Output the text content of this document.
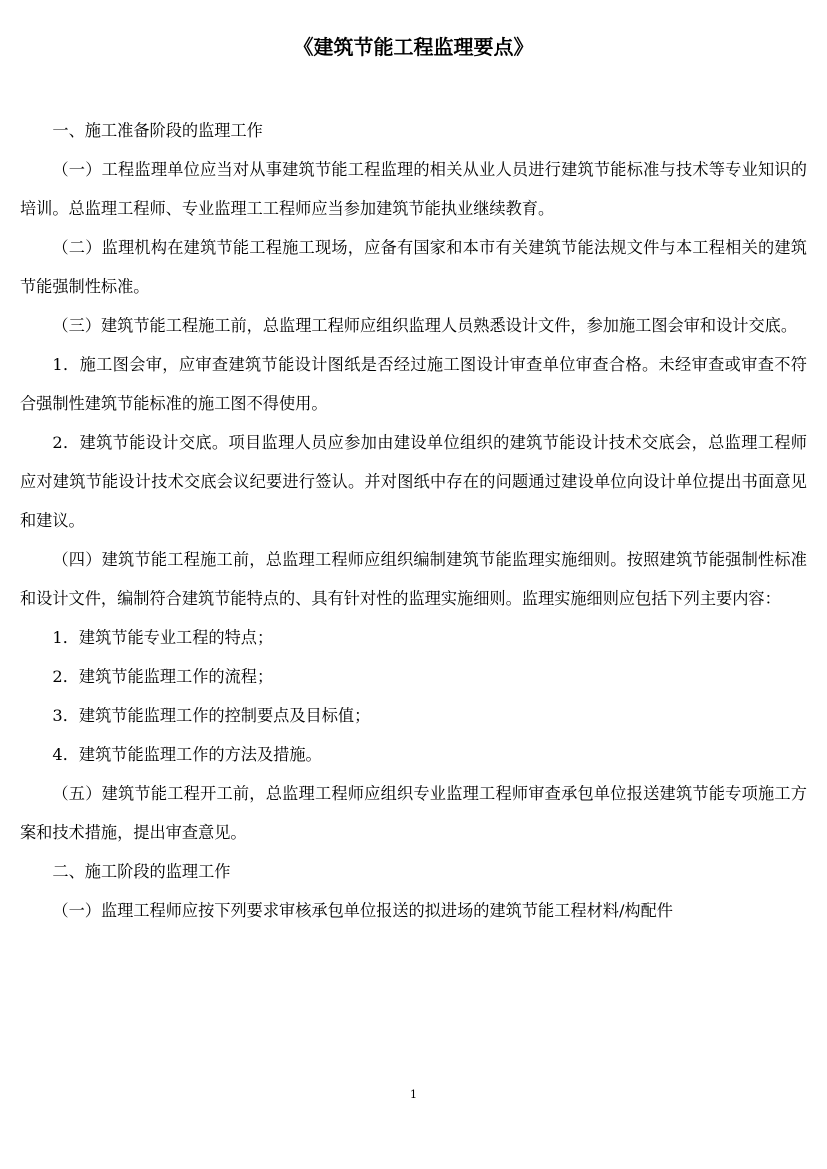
《建筑节能工程监理要点》

一、施工准备阶段的监理工作

（一）工程监理单位应当对从事建筑节能工程监理的相关从业人员进行建筑节能标准与技术等专业知识的培训。总监理工程师、专业监理工工程师应当参加建筑节能执业继续教育。

（二）监理机构在建筑节能工程施工现场，应备有国家和本市有关建筑节能法规文件与本工程相关的建筑节能强制性标准。

（三）建筑节能工程施工前，总监理工程师应组织监理人员熟悉设计文件，参加施工图会审和设计交底。

1．施工图会审，应审查建筑节能设计图纸是否经过施工图设计审查单位审查合格。未经审查或审查不符合强制性建筑节能标准的施工图不得使用。

2．建筑节能设计交底。项目监理人员应参加由建设单位组织的建筑节能设计技术交底会，总监理工程师应对建筑节能设计技术交底会议纪要进行签认。并对图纸中存在的问题通过建设单位向设计单位提出书面意见和建议。

（四）建筑节能工程施工前，总监理工程师应组织编制建筑节能监理实施细则。按照建筑节能强制性标准和设计文件，编制符合建筑节能特点的、具有针对性的监理实施细则。监理实施细则应包括下列主要内容：

1．建筑节能专业工程的特点；

2．建筑节能监理工作的流程；

3．建筑节能监理工作的控制要点及目标值；

4．建筑节能监理工作的方法及措施。

（五）建筑节能工程开工前，总监理工程师应组织专业监理工程师审查承包单位报送建筑节能专项施工方案和技术措施，提出审查意见。

二、施工阶段的监理工作

（一）监理工程师应按下列要求审核承包单位报送的拟进场的建筑节能工程材料/构配件

1
